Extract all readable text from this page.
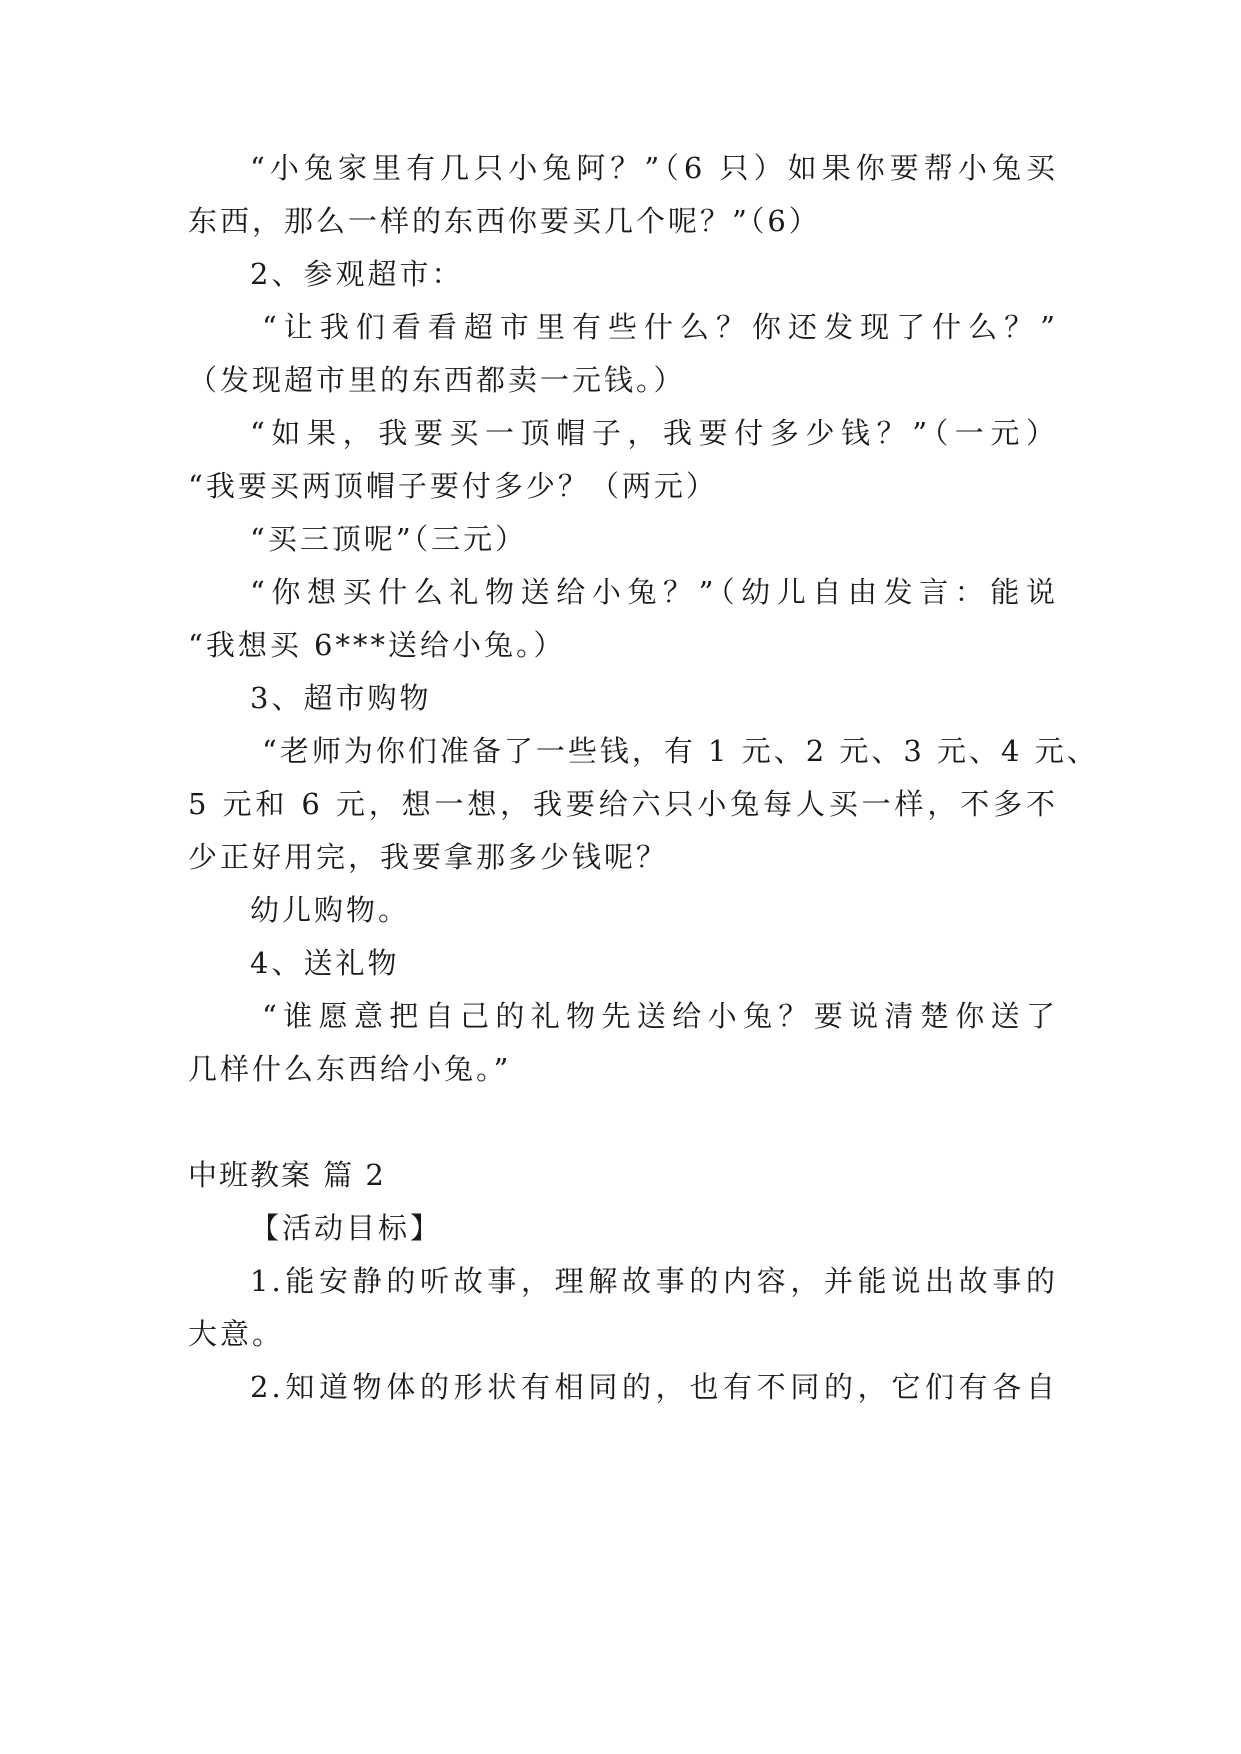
“小兔家里有几只小兔阿？”（6 只）如果你要帮小兔买
东西，那么一样的东西你要买几个呢？”（6）
2、参观超市：
“让我们看看超市里有些什么？你还发现了什么？”
（发现超市里的东西都卖一元钱。）
“如果，我要买一顶帽子，我要付多少钱？”（一元）
“我要买两顶帽子要付多少？（两元）
“买三顶呢”（三元）
“你想买什么礼物送给小兔？”（幼儿自由发言：能说
“我想买 6***送给小兔。）
3、超市购物
“老师为你们准备了一些钱，有 1 元、2 元、3 元、4 元、
5 元和 6 元，想一想，我要给六只小兔每人买一样，不多不
少正好用完，我要拿那多少钱呢？
幼儿购物。
4、送礼物
“谁愿意把自己的礼物先送给小兔？要说清楚你送了
几样什么东西给小兔。”
中班教案 篇 2
【活动目标】
1.能安静的听故事，理解故事的内容，并能说出故事的
大意。
2.知道物体的形状有相同的，也有不同的，它们有各自
